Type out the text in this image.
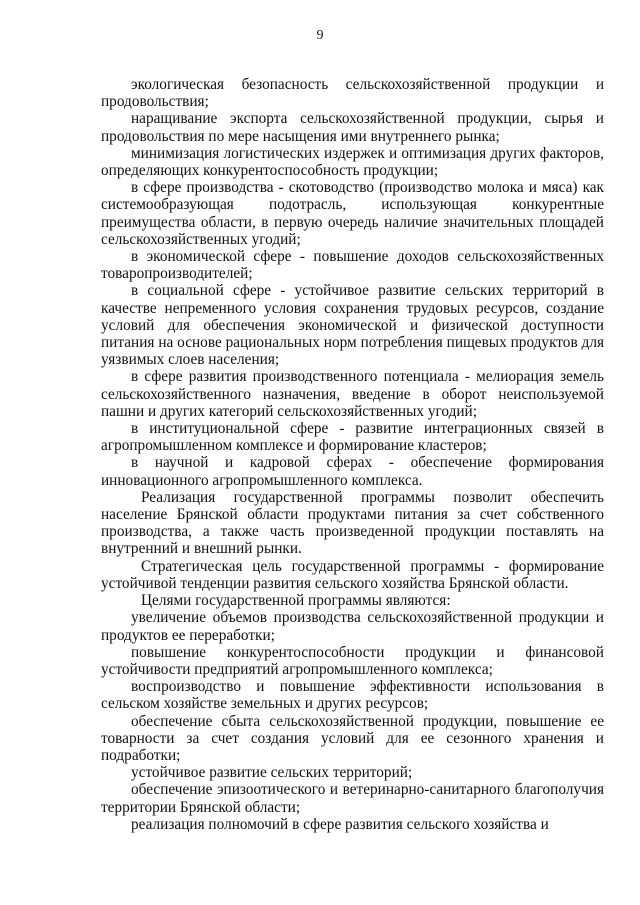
9

экологическая безопасность сельскохозяйственной продукции и продовольствия;

наращивание экспорта сельскохозяйственной продукции, сырья и продовольствия по мере насыщения ими внутреннего рынка;

минимизация логистических издержек и оптимизация других факторов, определяющих конкурентоспособность продукции;

в сфере производства - скотоводство (производство молока и мяса) как системообразующая подотрасль, использующая конкурентные преимущества области, в первую очередь наличие значительных площадей сельскохозяйственных угодий;

в экономической сфере - повышение доходов сельскохозяйственных товаропроизводителей;

в социальной сфере - устойчивое развитие сельских территорий в качестве непременного условия сохранения трудовых ресурсов, создание условий для обеспечения экономической и физической доступности питания на основе рациональных норм потребления пищевых продуктов для уязвимых слоев населения;

в сфере развития производственного потенциала - мелиорация земель сельскохозяйственного назначения, введение в оборот неиспользуемой пашни и других категорий сельскохозяйственных угодий;

в институциональной сфере - развитие интеграционных связей в агропромышленном комплексе и формирование кластеров;

в научной и кадровой сферах - обеспечение формирования инновационного агропромышленного комплекса.

Реализация государственной программы позволит обеспечить население Брянской области продуктами питания за счет собственного производства, а также часть произведенной продукции поставлять на внутренний и внешний рынки.

Стратегическая цель государственной программы - формирование устойчивой тенденции развития сельского хозяйства Брянской области.

Целями государственной программы являются:

увеличение объемов производства сельскохозяйственной продукции и продуктов ее переработки;

повышение конкурентоспособности продукции и финансовой устойчивости предприятий агропромышленного комплекса;

воспроизводство и повышение эффективности использования в сельском хозяйстве земельных и других ресурсов;

обеспечение сбыта сельскохозяйственной продукции, повышение ее товарности за счет создания условий для ее сезонного хранения и подработки;

устойчивое развитие сельских территорий;

обеспечение эпизоотического и ветеринарно-санитарного благополучия территории Брянской области;

реализация полномочий в сфере развития сельского хозяйства и
